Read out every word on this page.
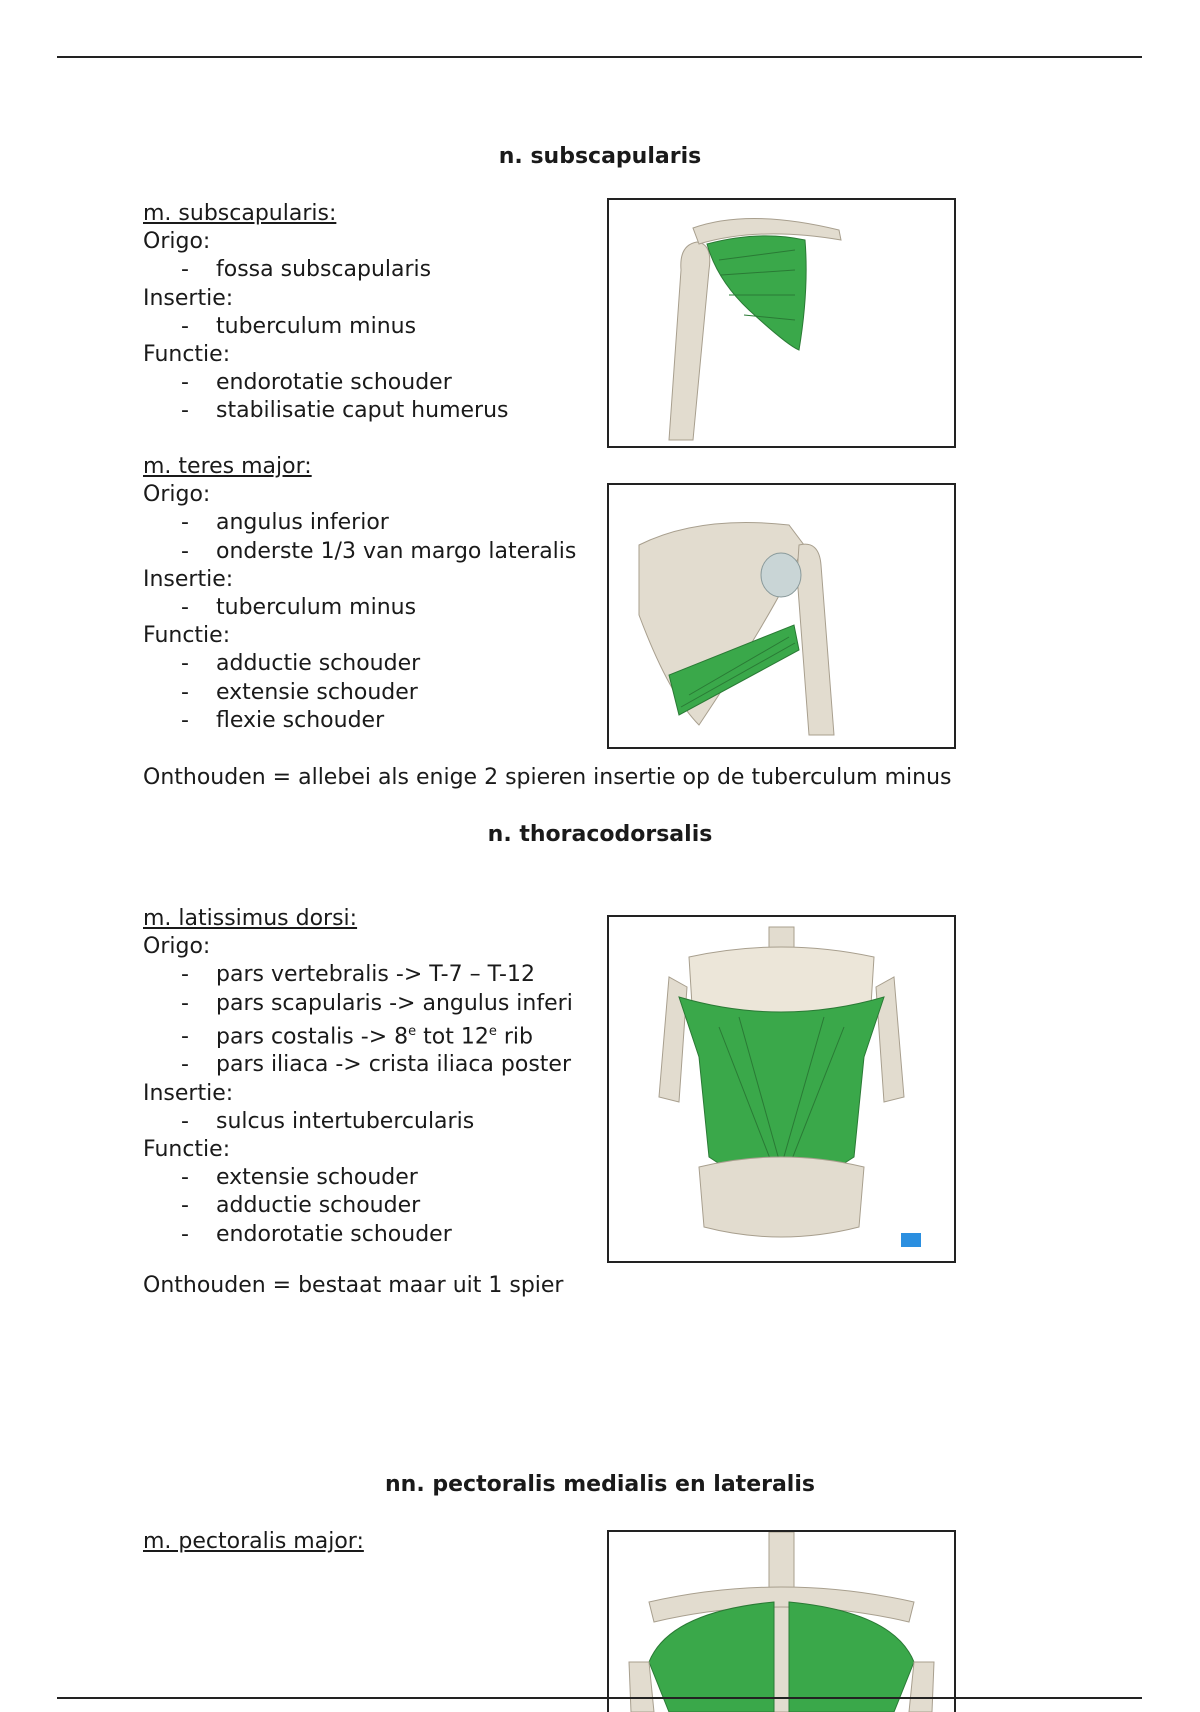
n. subscapularis
m. subscapularis:
Origo:
- fossa subscapularis
Insertie:
- tuberculum minus
Functie:
- endorotatie schouder
- stabilisatie caput humerus
m. teres major:
Origo:
- angulus inferior
- onderste 1/3 van margo lateralis
Insertie:
- tuberculum minus
Functie:
- adductie schouder
- extensie schouder
- flexie schouder
Onthouden = allebei als enige 2 spieren insertie op de tuberculum minus
n. thoracodorsalis
m. latissimus dorsi:
Origo:
- pars vertebralis -> T-7 – T-12
- pars scapularis -> angulus inferi
- pars costalis -> $8^e$ tot 12e rib
- pars iliaca -> crista iliaca poster
Insertie:
- sulcus intertubercularis
Functie:
- extensie schouder
- adductie schouder
- endorotatie schouder
Onthouden = bestaat maar uit 1 spier
nn. pectoralis medialis en lateralis
m. pectoralis major:
